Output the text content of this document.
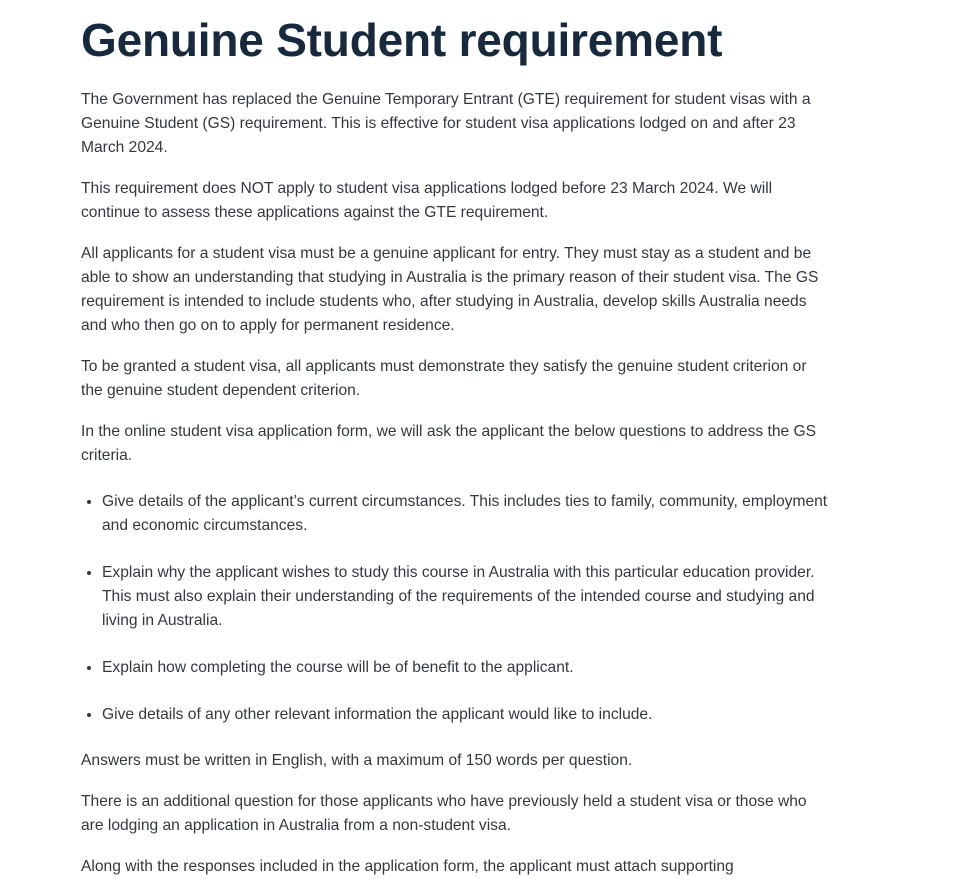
Genuine Student requirement

The Government has replaced the Genuine Temporary Entrant (GTE) requirement for student visas with a Genuine Student (GS) requirement. This is effective for student visa applications lodged on and after 23 March 2024.

This requirement does NOT apply to student visa applications lodged before 23 March 2024. We will continue to assess these applications against the GTE requirement.

All applicants for a student visa must be a genuine applicant for entry. They must stay as a student and be able to show an understanding that studying in Australia is the primary reason of their student visa. The GS requirement is intended to include students who, after studying in Australia, develop skills Australia needs and who then go on to apply for permanent residence.

To be granted a student visa, all applicants must demonstrate they satisfy the genuine student criterion or the genuine student dependent criterion.

In the online student visa application form, we will ask the applicant the below questions to address the GS criteria.

• Give details of the applicant’s current circumstances. This includes ties to family, community, employment and economic circumstances.
• Explain why the applicant wishes to study this course in Australia with this particular education provider. This must also explain their understanding of the requirements of the intended course and studying and living in Australia.
• Explain how completing the course will be of benefit to the applicant.
• Give details of any other relevant information the applicant would like to include.

Answers must be written in English, with a maximum of 150 words per question.

There is an additional question for those applicants who have previously held a student visa or those who are lodging an application in Australia from a non-student visa.

Along with the responses included in the application form, the applicant must attach supporting
